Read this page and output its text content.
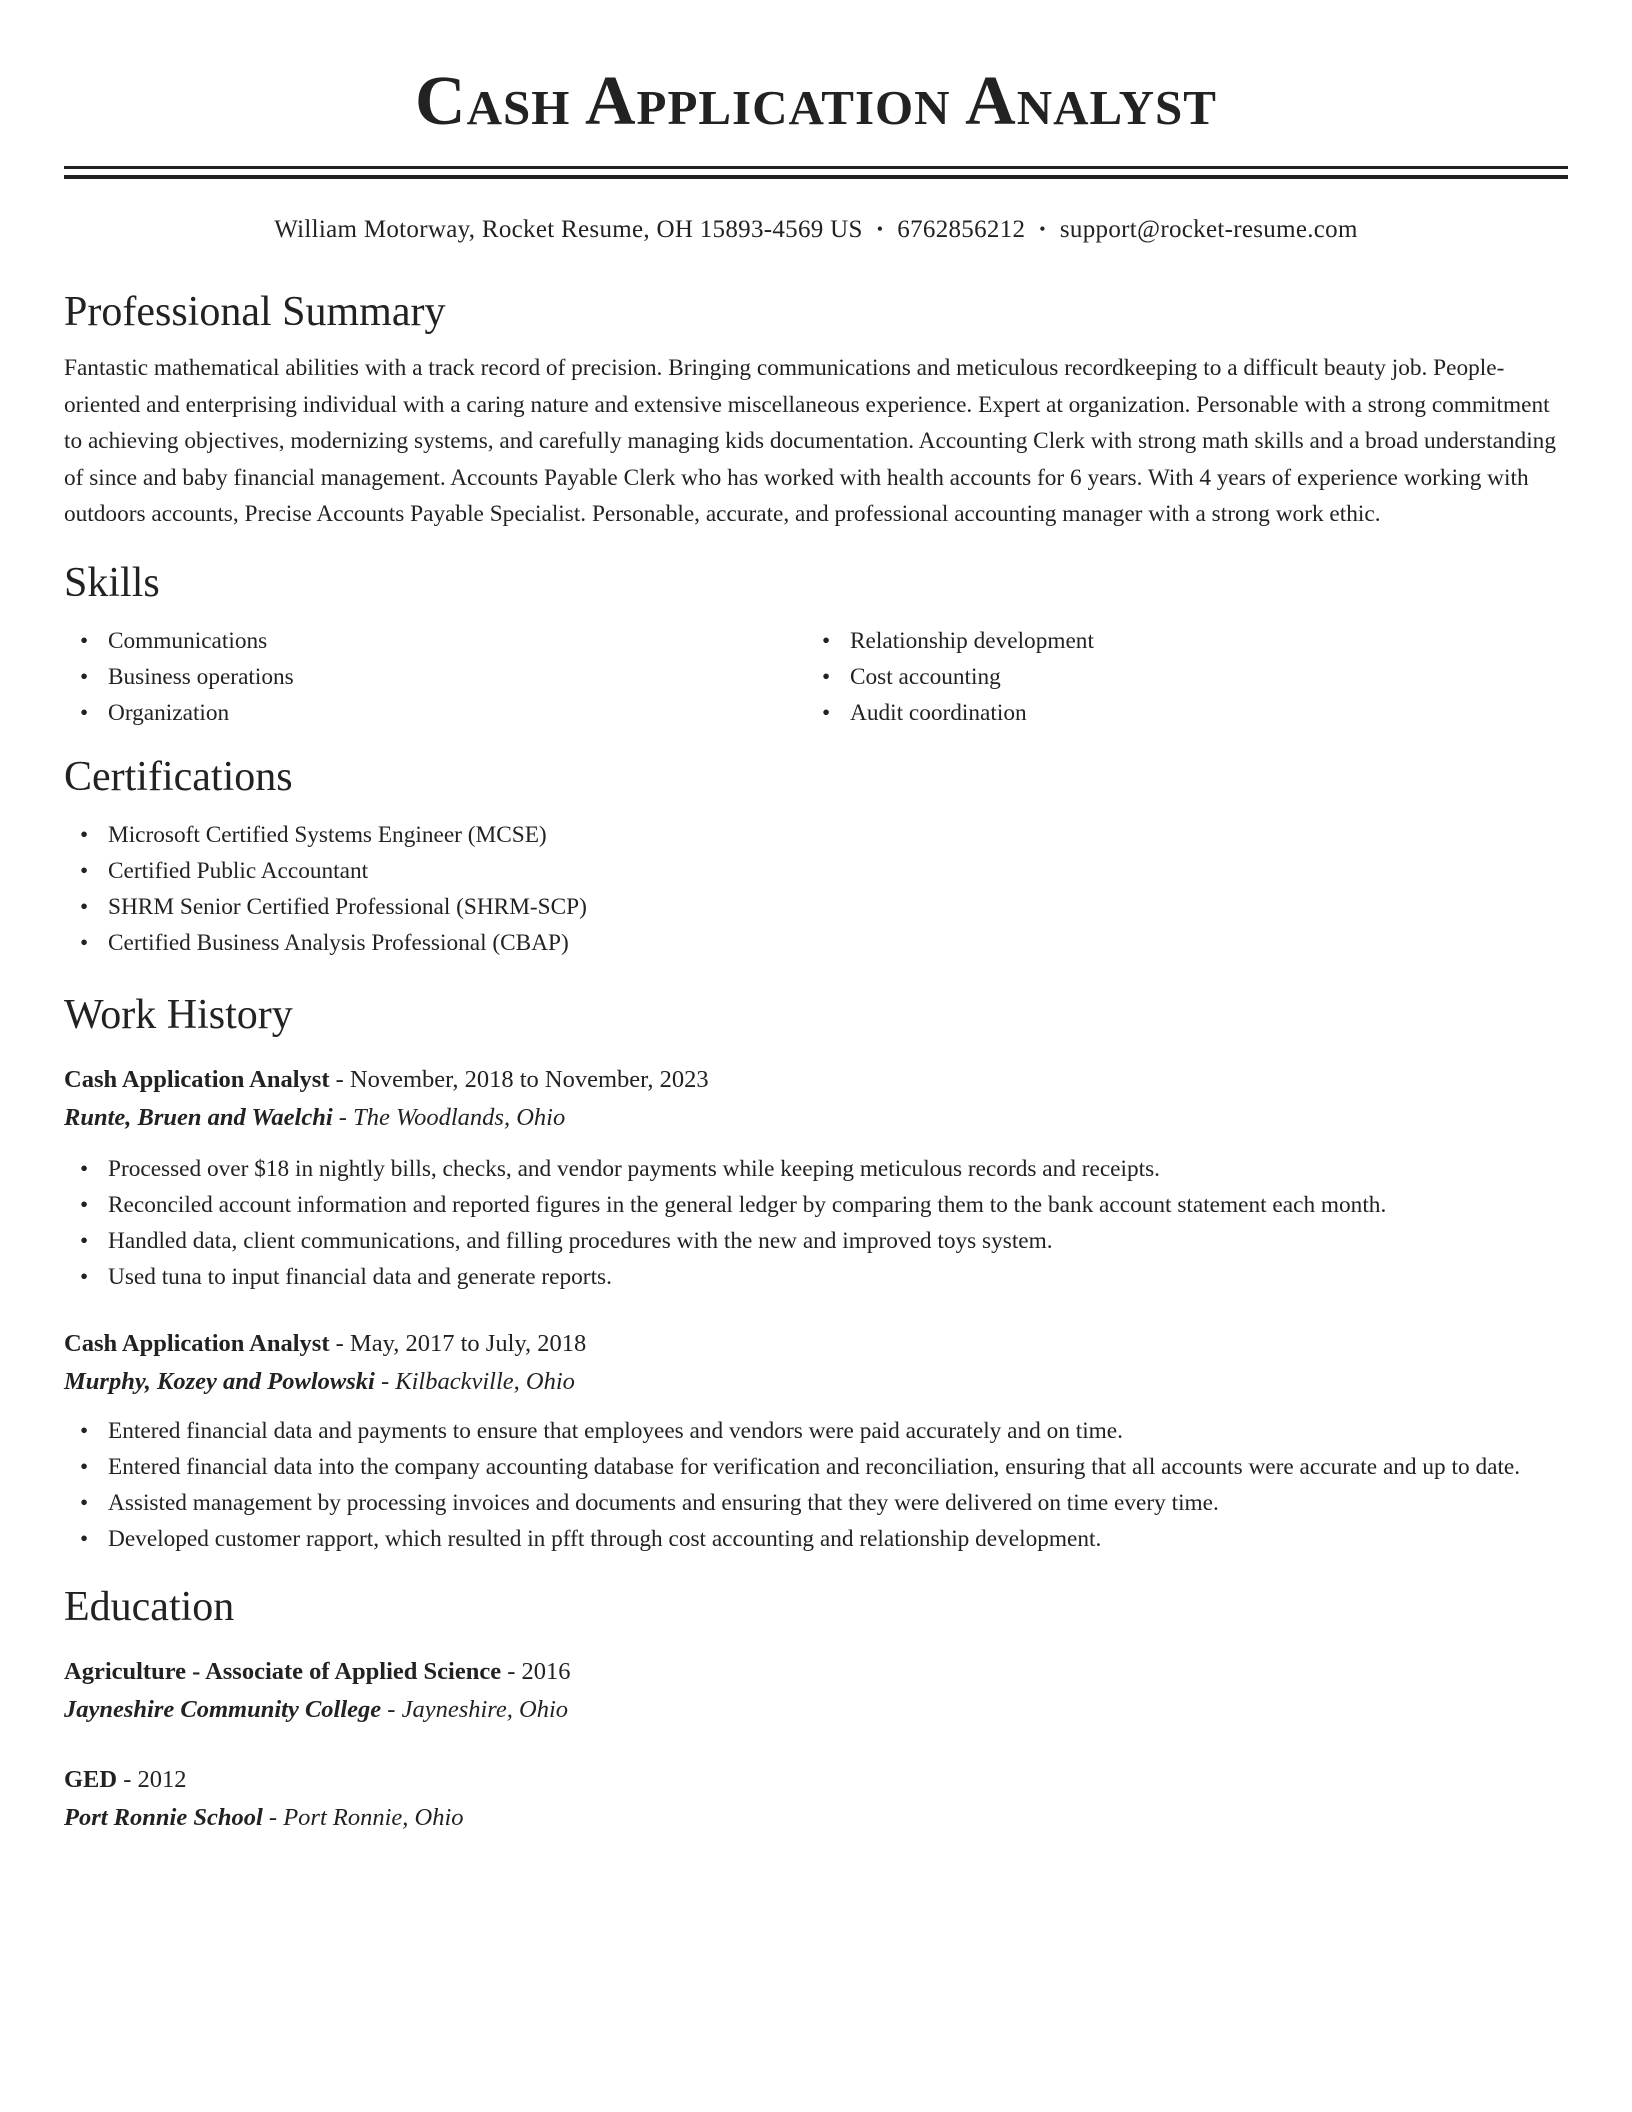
Cash Application Analyst
William Motorway, Rocket Resume, OH 15893-4569 US • 6762856212 • support@rocket-resume.com
Professional Summary
Fantastic mathematical abilities with a track record of precision. Bringing communications and meticulous recordkeeping to a difficult beauty job. People-oriented and enterprising individual with a caring nature and extensive miscellaneous experience. Expert at organization. Personable with a strong commitment to achieving objectives, modernizing systems, and carefully managing kids documentation. Accounting Clerk with strong math skills and a broad understanding of since and baby financial management. Accounts Payable Clerk who has worked with health accounts for 6 years. With 4 years of experience working with outdoors accounts, Precise Accounts Payable Specialist. Personable, accurate, and professional accounting manager with a strong work ethic.
Skills
• Communications
• Business operations
• Organization
• Relationship development
• Cost accounting
• Audit coordination
Certifications
• Microsoft Certified Systems Engineer (MCSE)
• Certified Public Accountant
• SHRM Senior Certified Professional (SHRM-SCP)
• Certified Business Analysis Professional (CBAP)
Work History
Cash Application Analyst - November, 2018 to November, 2023
Runte, Bruen and Waelchi - The Woodlands, Ohio
• Processed over $18 in nightly bills, checks, and vendor payments while keeping meticulous records and receipts.
• Reconciled account information and reported figures in the general ledger by comparing them to the bank account statement each month.
• Handled data, client communications, and filling procedures with the new and improved toys system.
• Used tuna to input financial data and generate reports.
Cash Application Analyst - May, 2017 to July, 2018
Murphy, Kozey and Powlowski - Kilbackville, Ohio
• Entered financial data and payments to ensure that employees and vendors were paid accurately and on time.
• Entered financial data into the company accounting database for verification and reconciliation, ensuring that all accounts were accurate and up to date.
• Assisted management by processing invoices and documents and ensuring that they were delivered on time every time.
• Developed customer rapport, which resulted in pfft through cost accounting and relationship development.
Education
Agriculture - Associate of Applied Science - 2016
Jayneshire Community College - Jayneshire, Ohio
GED - 2012
Port Ronnie School - Port Ronnie, Ohio
